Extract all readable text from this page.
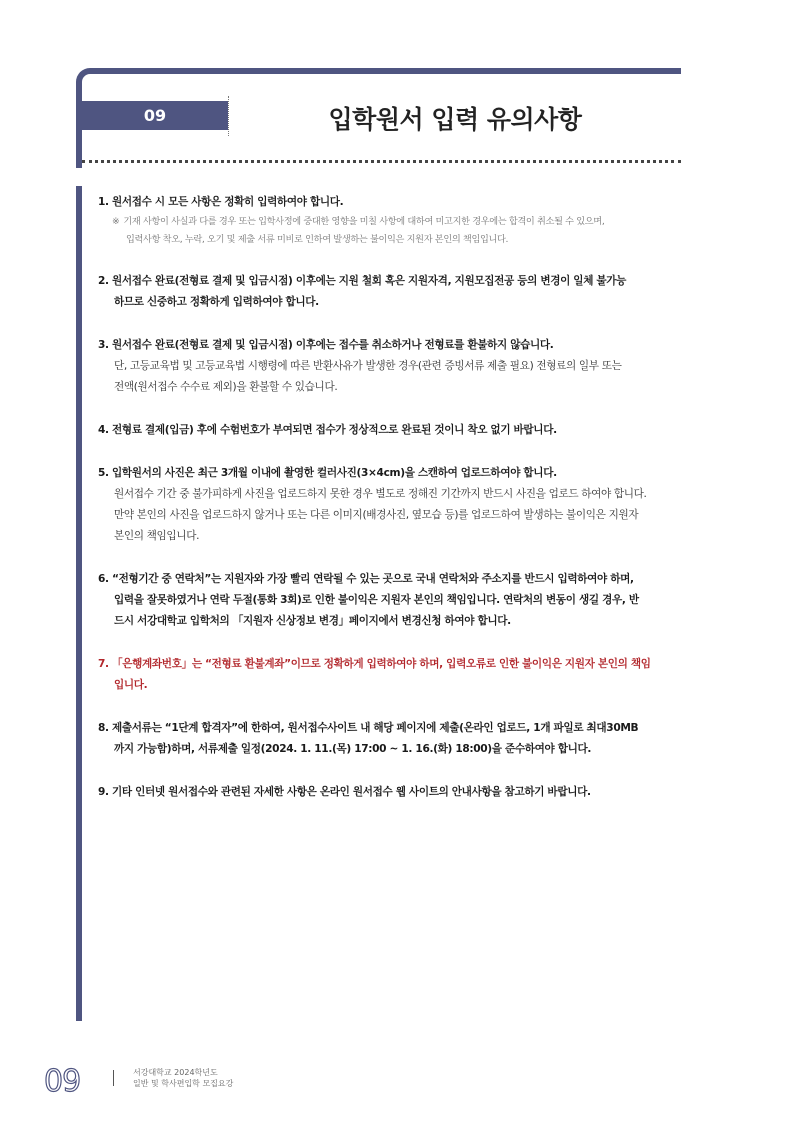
09	입학원서 입력 유의사항
1. 원서접수 시 모든 사항은 정확히 입력하여야 합니다.
※ 기재 사항이 사실과 다를 경우 또는 입학사정에 중대한 영향을 미칠 사항에 대하여 미고지한 경우에는 합격이 취소될 수 있으며,
입력사항 착오, 누락, 오기 및 제출 서류 미비로 인하여 발생하는 불이익은 지원자 본인의 책임입니다.
2. 원서접수 완료(전형료 결제 및 입금시점) 이후에는 지원 철회 혹은 지원자격, 지원모집전공 등의 변경이 일체 불가능
하므로 신중하고 정확하게 입력하여야 합니다.
3. 원서접수 완료(전형료 결제 및 입금시점) 이후에는 접수를 취소하거나 전형료를 환불하지 않습니다.
단, 고등교육법 및 고등교육법 시행령에 따른 반환사유가 발생한 경우(관련 증빙서류 제출 필요) 전형료의 일부 또는
전액(원서접수 수수료 제외)을 환불할 수 있습니다.
4. 전형료 결제(입금) 후에 수험번호가 부여되면 접수가 정상적으로 완료된 것이니 착오 없기 바랍니다.
5. 입학원서의 사진은 최근 3개월 이내에 촬영한 컬러사진(3×4cm)을 스캔하여 업로드하여야 합니다.
원서접수 기간 중 불가피하게 사진을 업로드하지 못한 경우 별도로 정해진 기간까지 반드시 사진을 업로드 하여야 합니다.
만약 본인의 사진을 업로드하지 않거나 또는 다른 이미지(배경사진, 옆모습 등)를 업로드하여 발생하는 불이익은 지원자
본인의 책임입니다.
6. “전형기간 중 연락처”는 지원자와 가장 빨리 연락될 수 있는 곳으로 국내 연락처와 주소지를 반드시 입력하여야 하며,
입력을 잘못하였거나 연락 두절(통화 3회)로 인한 불이익은 지원자 본인의 책임입니다. 연락처의 변동이 생길 경우, 반
드시 서강대학교 입학처의 「지원자 신상정보 변경」페이지에서 변경신청 하여야 합니다.
7. 「은행계좌번호」는 “전형료 환불계좌”이므로 정확하게 입력하여야 하며, 입력오류로 인한 불이익은 지원자 본인의 책임
입니다.
8. 제출서류는 “1단계 합격자”에 한하여, 원서접수사이트 내 해당 페이지에 제출(온라인 업로드, 1개 파일로 최대30MB
까지 가능함)하며, 서류제출 일정(2024. 1. 11.(목) 17:00 ~ 1. 16.(화) 18:00)을 준수하여야 합니다.
9. 기타 인터넷 원서접수와 관련된 자세한 사항은 온라인 원서접수 웹 사이트의 안내사항을 참고하기 바랍니다.
09	서강대학교 2024학년도
일반 및 학사편입학 모집요강
